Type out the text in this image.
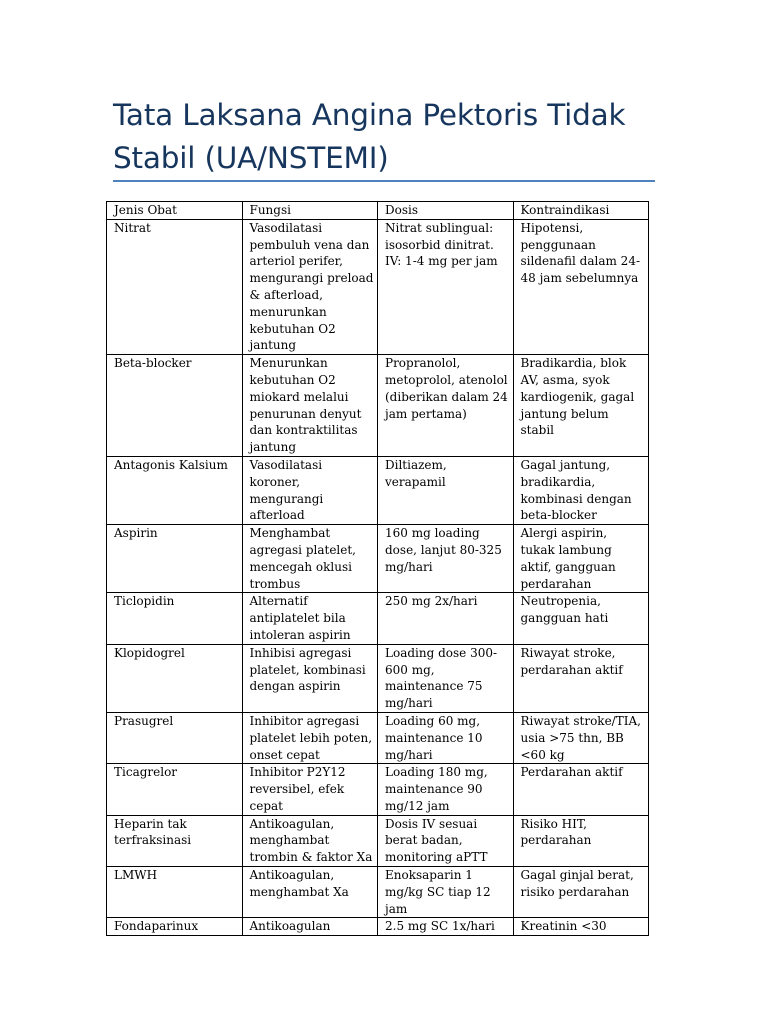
Tata Laksana Angina Pektoris Tidak Stabil (UA/NSTEMI)
Jenis Obat	Fungsi	Dosis	Kontraindikasi
Nitrat	Vasodilatasi pembuluh vena dan arteriol perifer, mengurangi preload & afterload, menurunkan kebutuhan O2 jantung	Nitrat sublingual: isosorbid dinitrat. IV: 1-4 mg per jam	Hipotensi, penggunaan sildenafil dalam 24-48 jam sebelumnya
Beta-blocker	Menurunkan kebutuhan O2 miokard melalui penurunan denyut dan kontraktilitas jantung	Propranolol, metoprolol, atenolol (diberikan dalam 24 jam pertama)	Bradikardia, blok AV, asma, syok kardiogenik, gagal jantung belum stabil
Antagonis Kalsium	Vasodilatasi koroner, mengurangi afterload	Diltiazem, verapamil	Gagal jantung, bradikardia, kombinasi dengan beta-blocker
Aspirin	Menghambat agregasi platelet, mencegah oklusi trombus	160 mg loading dose, lanjut 80-325 mg/hari	Alergi aspirin, tukak lambung aktif, gangguan perdarahan
Ticlopidin	Alternatif antiplatelet bila intoleran aspirin	250 mg 2x/hari	Neutropenia, gangguan hati
Klopidogrel	Inhibisi agregasi platelet, kombinasi dengan aspirin	Loading dose 300-600 mg, maintenance 75 mg/hari	Riwayat stroke, perdarahan aktif
Prasugrel	Inhibitor agregasi platelet lebih poten, onset cepat	Loading 60 mg, maintenance 10 mg/hari	Riwayat stroke/TIA, usia >75 thn, BB <60 kg
Ticagrelor	Inhibitor P2Y12 reversibel, efek cepat	Loading 180 mg, maintenance 90 mg/12 jam	Perdarahan aktif
Heparin tak terfraksinasi	Antikoagulan, menghambat trombin & faktor Xa	Dosis IV sesuai berat badan, monitoring aPTT	Risiko HIT, perdarahan
LMWH	Antikoagulan, menghambat Xa	Enoksaparin 1 mg/kg SC tiap 12 jam	Gagal ginjal berat, risiko perdarahan
Fondaparinux	Antikoagulan	2.5 mg SC 1x/hari	Kreatinin <30
